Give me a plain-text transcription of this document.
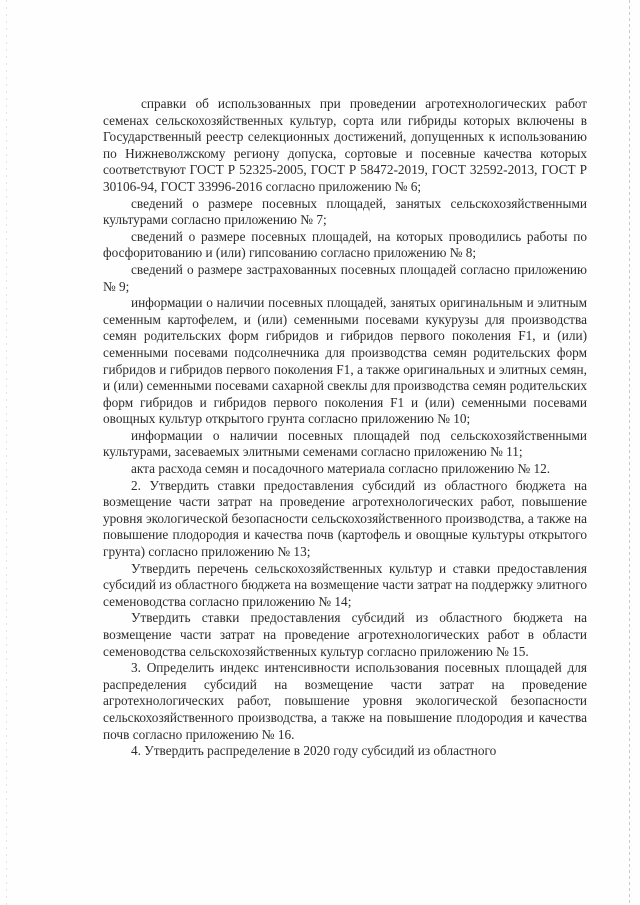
справки об использованных при проведении агротехнологических работ семенах сельскохозяйственных культур, сорта или гибриды которых включены в Государственный реестр селекционных достижений, допущенных к использованию по Нижневолжскому региону допуска, сортовые и посевные качества которых соответствуют ГОСТ Р 52325-2005, ГОСТ Р 58472-2019, ГОСТ 32592-2013, ГОСТ Р 30106-94, ГОСТ 33996-2016 согласно приложению № 6;

сведений о размере посевных площадей, занятых сельскохозяйственными культурами согласно приложению № 7;

сведений о размере посевных площадей, на которых проводились работы по фосфоритованию и (или) гипсованию согласно приложению № 8;

сведений о размере застрахованных посевных площадей согласно приложению № 9;

информации о наличии посевных площадей, занятых оригинальным и элитным семенным картофелем, и (или) семенными посевами кукурузы для производства семян родительских форм гибридов и гибридов первого поколения F1, и (или) семенными посевами подсолнечника для производства семян родительских форм гибридов и гибридов первого поколения F1, а также оригинальных и элитных семян, и (или) семенными посевами сахарной свеклы для производства семян родительских форм гибридов и гибридов первого поколения F1 и (или) семенными посевами овощных культур открытого грунта согласно приложению № 10;

информации о наличии посевных площадей под сельскохозяйственными культурами, засеваемых элитными семенами согласно приложению № 11;

акта расхода семян и посадочного материала согласно приложению № 12.

2. Утвердить ставки предоставления субсидий из областного бюджета на возмещение части затрат на проведение агротехнологических работ, повышение уровня экологической безопасности сельскохозяйственного производства, а также на повышение плодородия и качества почв (картофель и овощные культуры открытого грунта) согласно приложению № 13;

Утвердить перечень сельскохозяйственных культур и ставки предоставления субсидий из областного бюджета на возмещение части затрат на поддержку элитного семеноводства согласно приложению № 14;

Утвердить ставки предоставления субсидий из областного бюджета на возмещение части затрат на проведение агротехнологических работ в области семеноводства сельскохозяйственных культур согласно приложению № 15.

3. Определить индекс интенсивности использования посевных площадей для распределения субсидий на возмещение части затрат на проведение агротехнологических работ, повышение уровня экологической безопасности сельскохозяйственного производства, а также на повышение плодородия и качества почв согласно приложению № 16.

4. Утвердить распределение в 2020 году субсидий из областного
